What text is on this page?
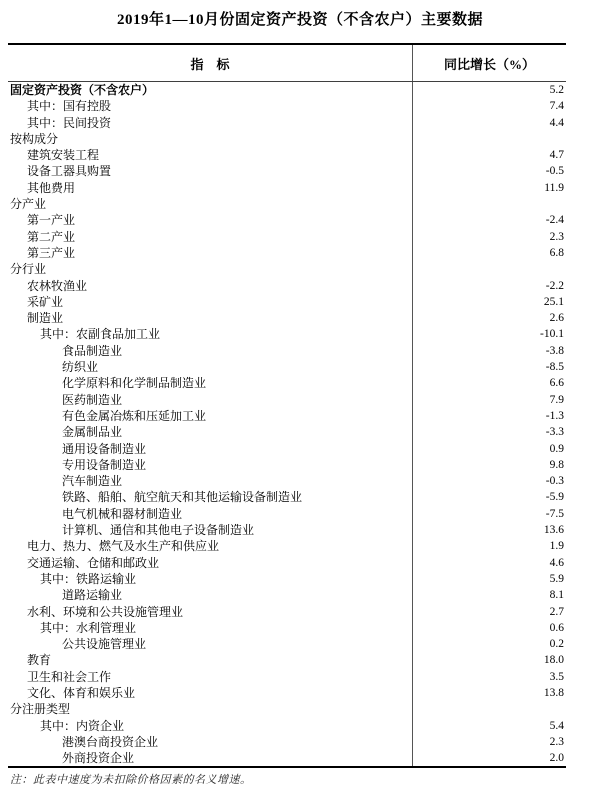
2019年1—10月份固定资产投资（不含农户）主要数据
指　标	同比增长（%）
固定资产投资（不含农户）	5.2
其中：国有控股	7.4
其中：民间投资	4.4
按构成分
建筑安装工程	4.7
设备工器具购置	-0.5
其他费用	11.9
分产业
第一产业	-2.4
第二产业	2.3
第三产业	6.8
分行业
农林牧渔业	-2.2
采矿业	25.1
制造业	2.6
其中：农副食品加工业	-10.1
食品制造业	-3.8
纺织业	-8.5
化学原料和化学制品制造业	6.6
医药制造业	7.9
有色金属冶炼和压延加工业	-1.3
金属制品业	-3.3
通用设备制造业	0.9
专用设备制造业	9.8
汽车制造业	-0.3
铁路、船舶、航空航天和其他运输设备制造业	-5.9
电气机械和器材制造业	-7.5
计算机、通信和其他电子设备制造业	13.6
电力、热力、燃气及水生产和供应业	1.9
交通运输、仓储和邮政业	4.6
其中：铁路运输业	5.9
道路运输业	8.1
水利、环境和公共设施管理业	2.7
其中：水利管理业	0.6
公共设施管理业	0.2
教育	18.0
卫生和社会工作	3.5
文化、体育和娱乐业	13.8
分注册类型
其中：内资企业	5.4
港澳台商投资企业	2.3
外商投资企业	2.0
注：此表中速度为未扣除价格因素的名义增速。
